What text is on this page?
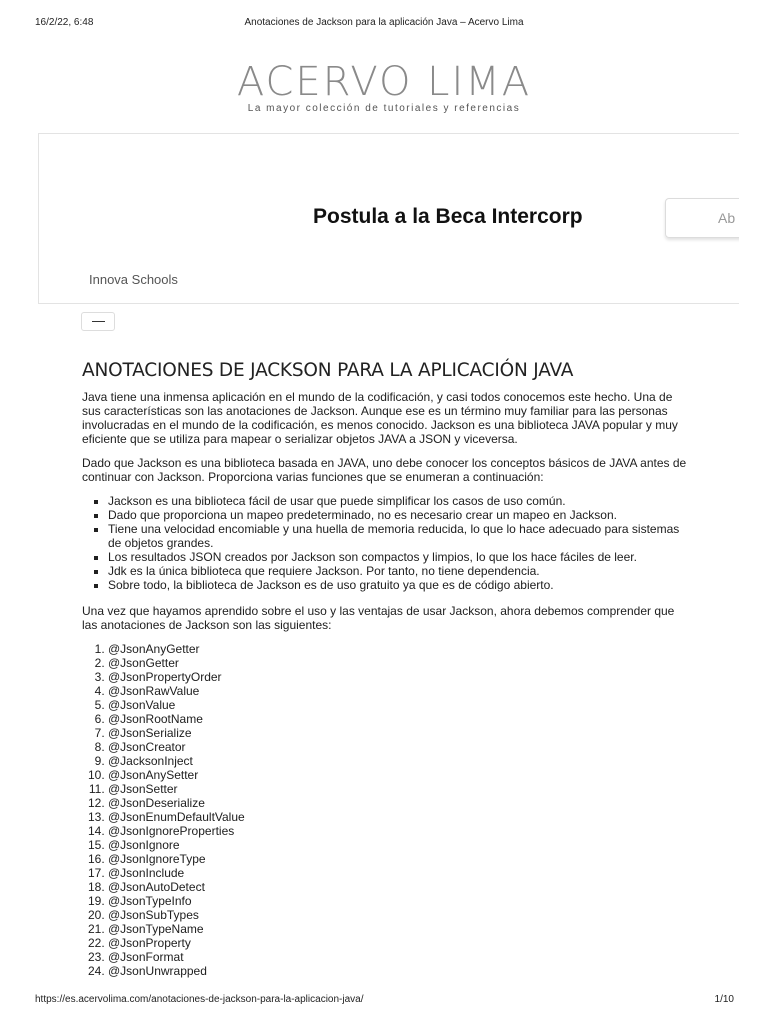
16/2/22, 6:48	Anotaciones de Jackson para la aplicación Java – Acervo Lima
ACERVO LIMA
La mayor colección de tutoriales y referencias
Postula a la Beca Intercorp	Ab
Innova Schools
ANOTACIONES DE JACKSON PARA LA APLICACIÓN JAVA

Java tiene una inmensa aplicación en el mundo de la codificación, y casi todos conocemos este hecho. Una de sus características son las anotaciones de Jackson. Aunque ese es un término muy familiar para las personas involucradas en el mundo de la codificación, es menos conocido. Jackson es una biblioteca JAVA popular y muy eficiente que se utiliza para mapear o serializar objetos JAVA a JSON y viceversa.

Dado que Jackson es una biblioteca basada en JAVA, uno debe conocer los conceptos básicos de JAVA antes de continuar con Jackson. Proporciona varias funciones que se enumeran a continuación:

▪ Jackson es una biblioteca fácil de usar que puede simplificar los casos de uso común.
▪ Dado que proporciona un mapeo predeterminado, no es necesario crear un mapeo en Jackson.
▪ Tiene una velocidad encomiable y una huella de memoria reducida, lo que lo hace adecuado para sistemas de objetos grandes.
▪ Los resultados JSON creados por Jackson son compactos y limpios, lo que los hace fáciles de leer.
▪ Jdk es la única biblioteca que requiere Jackson. Por tanto, no tiene dependencia.
▪ Sobre todo, la biblioteca de Jackson es de uso gratuito ya que es de código abierto.

Una vez que hayamos aprendido sobre el uso y las ventajas de usar Jackson, ahora debemos comprender que las anotaciones de Jackson son las siguientes:

1. @JsonAnyGetter
2. @JsonGetter
3. @JsonPropertyOrder
4. @JsonRawValue
5. @JsonValue
6. @JsonRootName
7. @JsonSerialize
8. @JsonCreator
9. @JacksonInject
10. @JsonAnySetter
11. @JsonSetter
12. @JsonDeserialize
13. @JsonEnumDefaultValue
14. @JsonIgnoreProperties
15. @JsonIgnore
16. @JsonIgnoreType
17. @JsonInclude
18. @JsonAutoDetect
19. @JsonTypeInfo
20. @JsonSubTypes
21. @JsonTypeName
22. @JsonProperty
23. @JsonFormat
24. @JsonUnwrapped
https://es.acervolima.com/anotaciones-de-jackson-para-la-aplicacion-java/	1/10
